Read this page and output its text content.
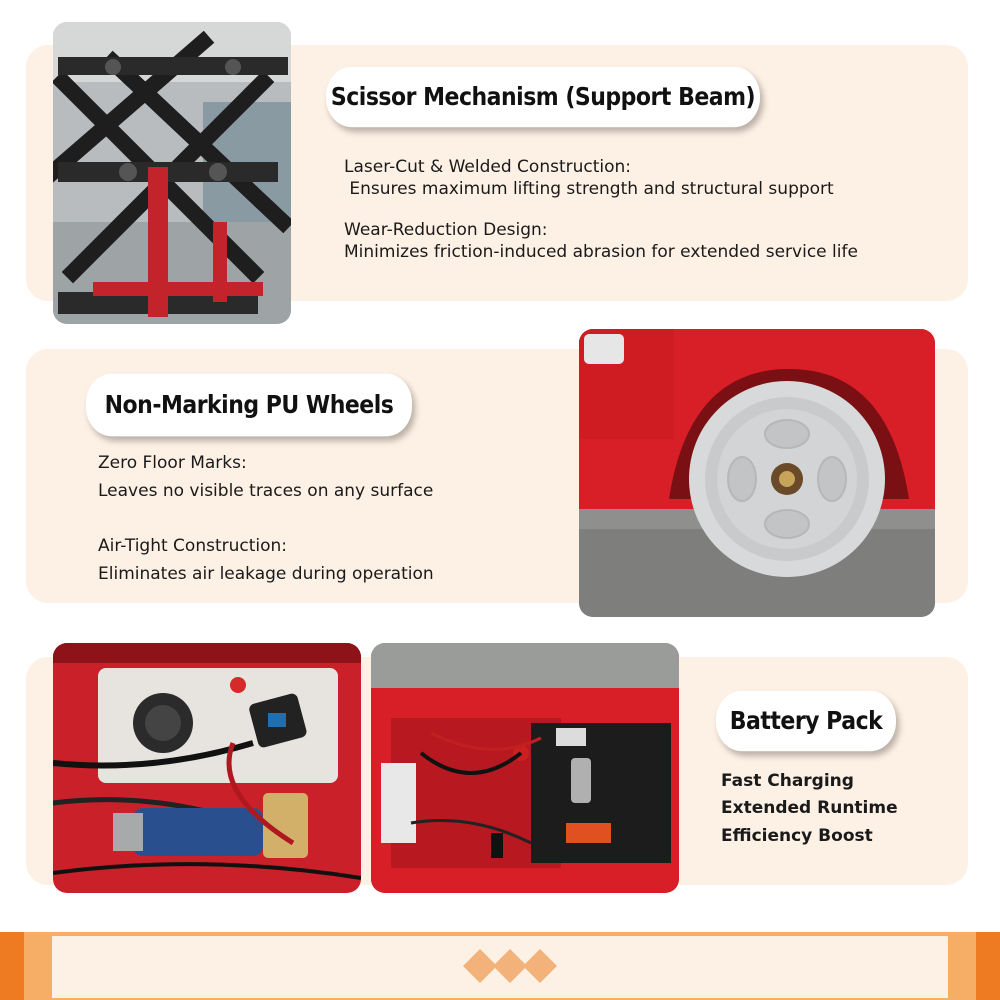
Scissor Mechanism (Support Beam)
Laser-Cut & Welded Construction:
Ensures maximum lifting strength and structural support
Wear-Reduction Design:
Minimizes friction-induced abrasion for extended service life
Non-Marking PU Wheels
Zero Floor Marks:
Leaves no visible traces on any surface
Air-Tight Construction:
Eliminates air leakage during operation
Battery Pack
Fast Charging
Extended Runtime
Efficiency Boost
